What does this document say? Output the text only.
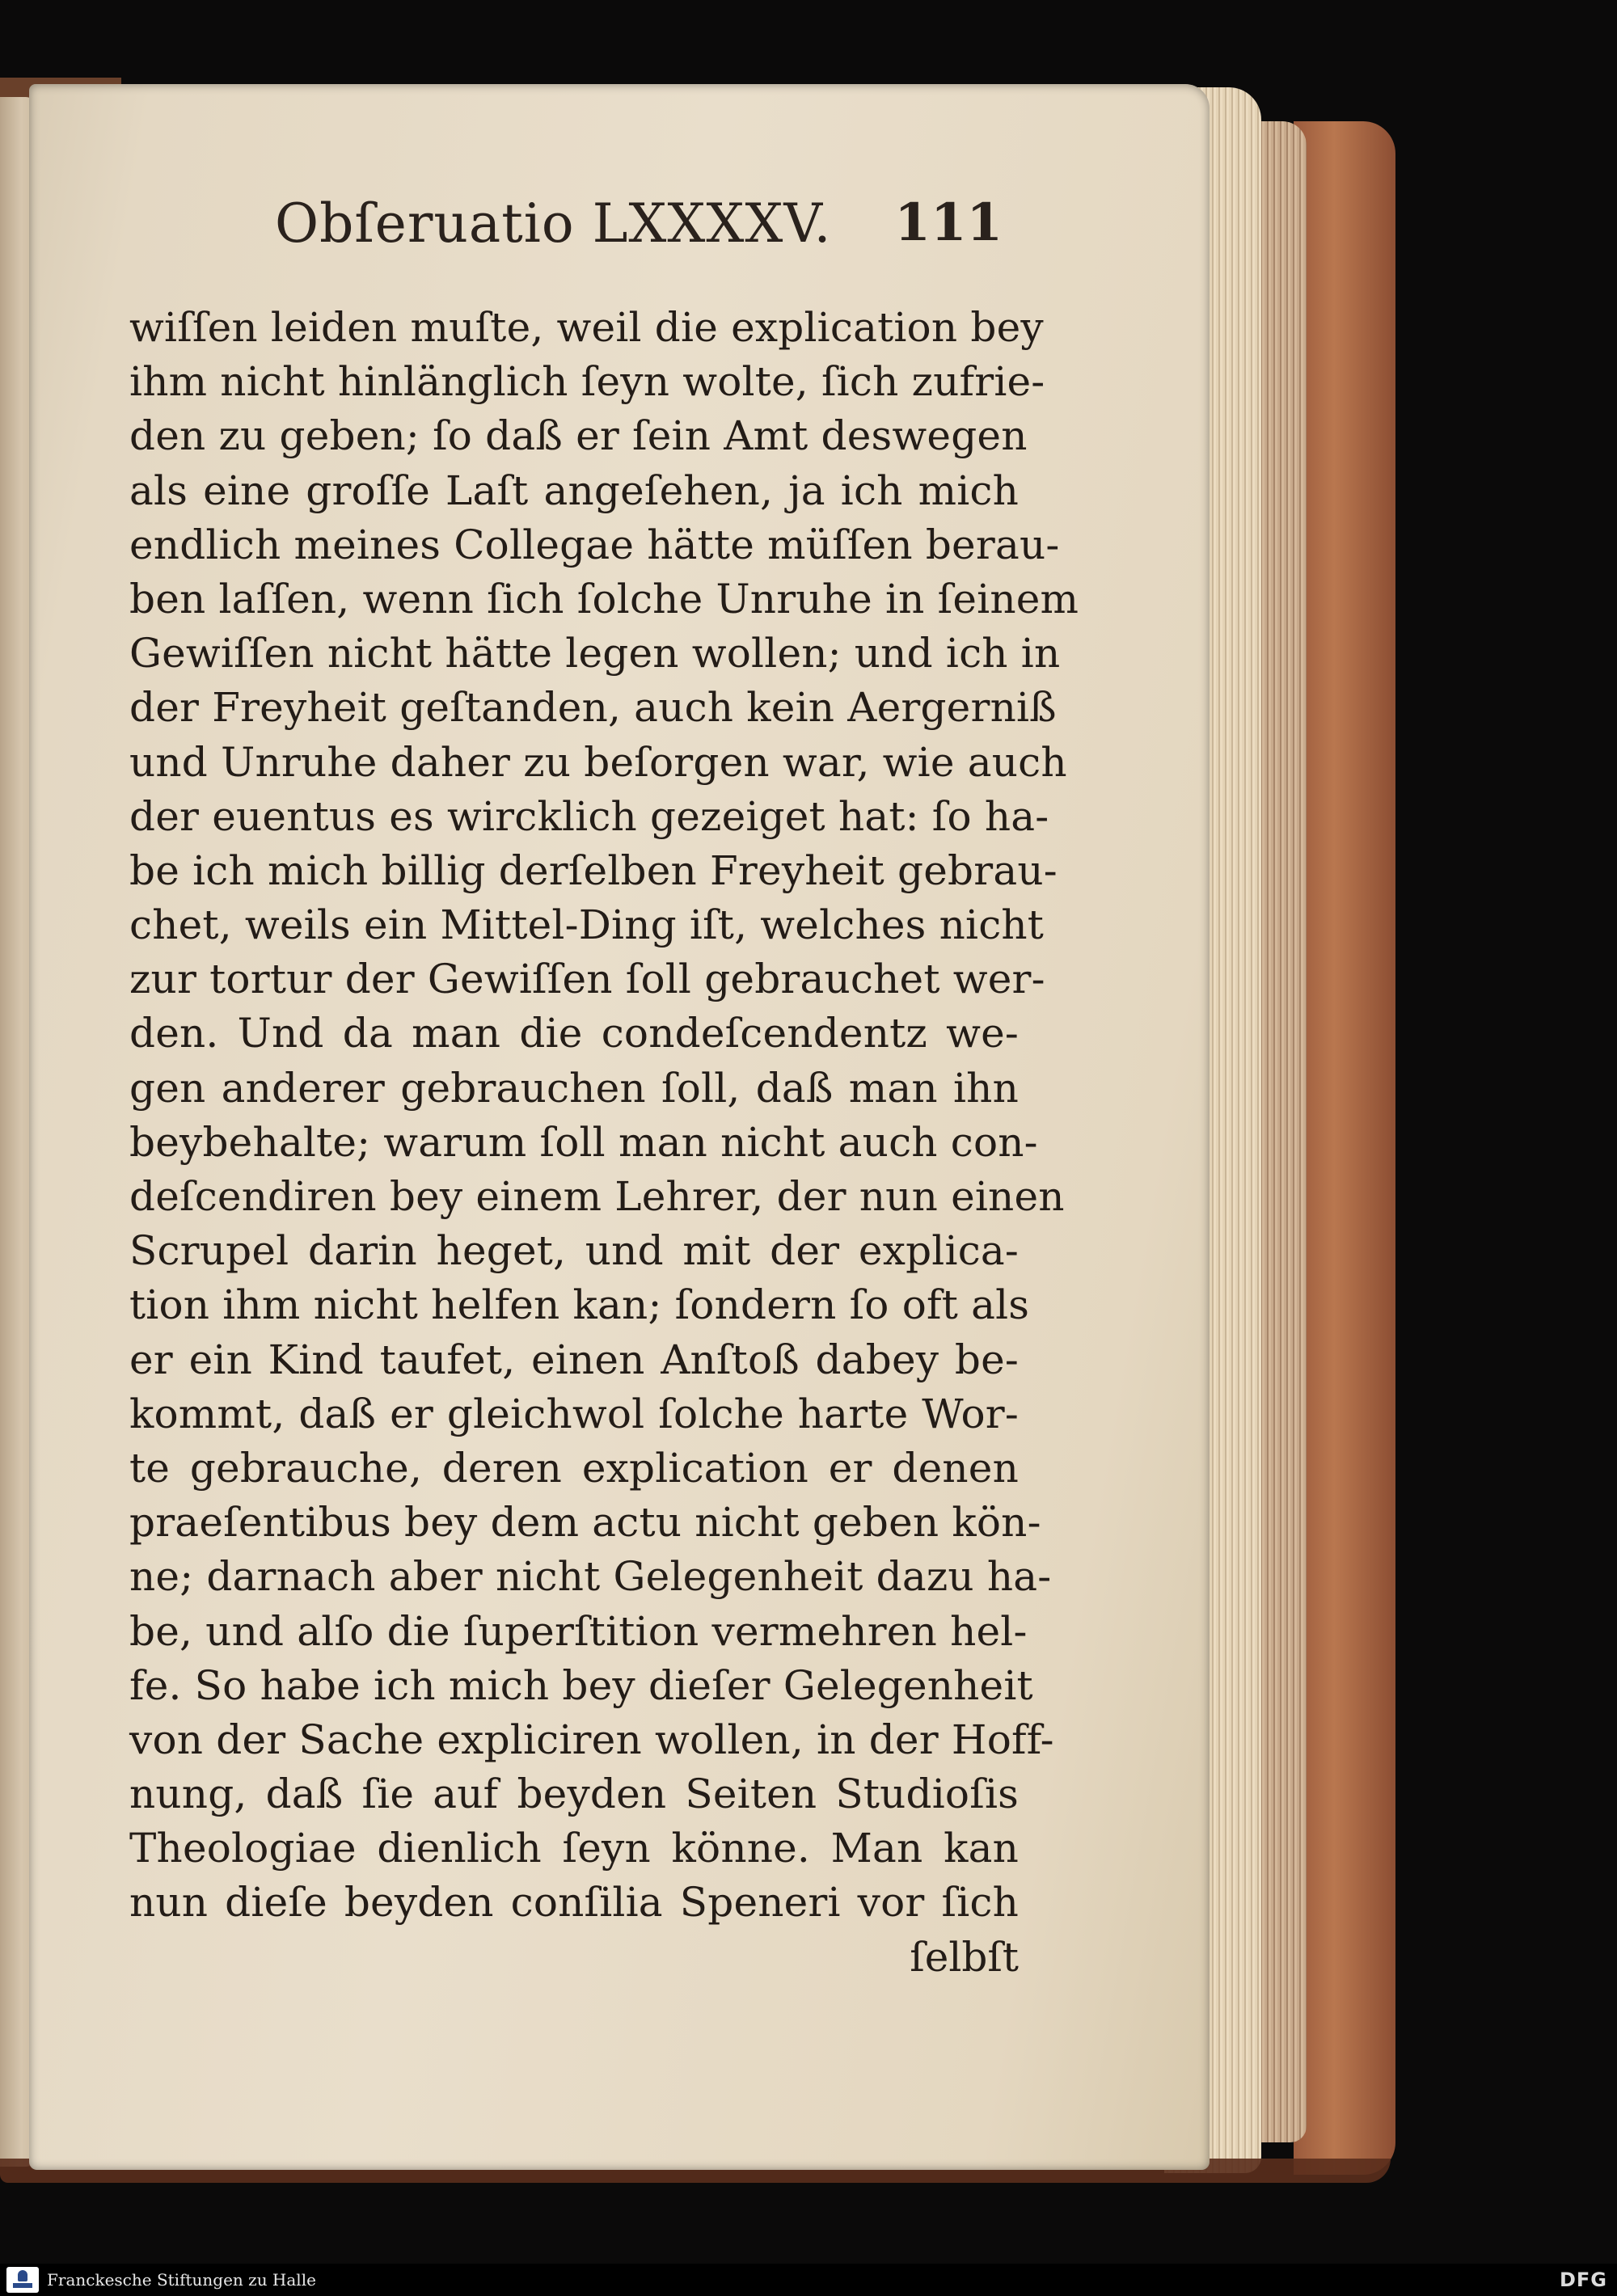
Obſeruatio LXXXXV. 111
wiſſen leiden muſte, weil die explication bey
ihm nicht hinlänglich ſeyn wolte, ſich zufrie-
den zu geben; ſo daß er ſein Amt deswegen
als eine groſſe Laſt angeſehen, ja ich mich
endlich meines Collegae hätte müſſen berau-
ben laſſen, wenn ſich ſolche Unruhe in ſeinem
Gewiſſen nicht hätte legen wollen; und ich in
der Freyheit geſtanden, auch kein Aergerniß
und Unruhe daher zu beſorgen war, wie auch
der euentus es wircklich gezeiget hat: ſo ha-
be ich mich billig derſelben Freyheit gebrau-
chet, weils ein Mittel-Ding iſt, welches nicht
zur tortur der Gewiſſen ſoll gebrauchet wer-
den. Und da man die condeſcendentz we-
gen anderer gebrauchen ſoll, daß man ihn
beybehalte; warum ſoll man nicht auch con-
deſcendiren bey einem Lehrer, der nun einen
Scrupel darin heget, und mit der explica-
tion ihm nicht helfen kan; ſondern ſo oft als
er ein Kind taufet, einen Anſtoß dabey be-
kommt, daß er gleichwol ſolche harte Wor-
te gebrauche, deren explication er denen
praeſentibus bey dem actu nicht geben kön-
ne; darnach aber nicht Gelegenheit dazu ha-
be, und alſo die ſuperſtition vermehren hel-
fe. So habe ich mich bey dieſer Gelegenheit
von der Sache expliciren wollen, in der Hoff-
nung, daß ſie auf beyden Seiten Studioſis
Theologiae dienlich ſeyn könne. Man kan
nun dieſe beyden conſilia Speneri vor ſich
ſelbſt
Franckesche Stiftungen zu Halle	DFG
